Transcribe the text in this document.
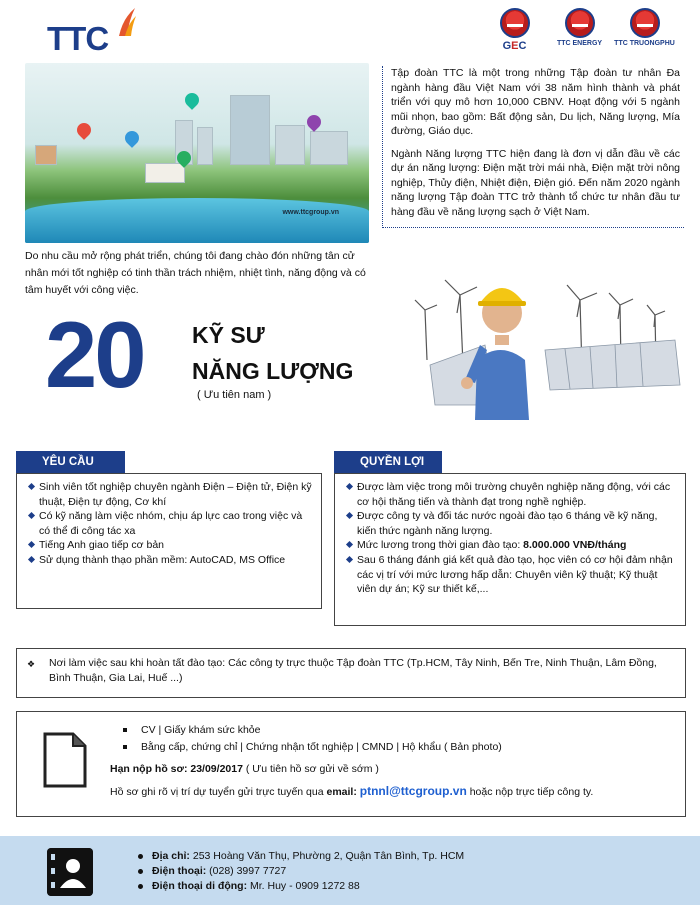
TTC	GΕC	TTC ENERGY TTC TRUONGPHU
www.ttcgroup.vn

Tập đoàn TTC là một trong những Tập đoàn tư nhân Đa ngành hàng đầu Việt Nam với 38 năm hình thành và phát triển với quy mô hơn 10,000 CBNV. Hoạt động với 5 ngành mũi nhọn, bao gồm: Bất động sản, Du lịch, Năng lượng, Mía đường, Giáo dục.

Ngành Năng lượng TTC hiện đang là đơn vị dẫn đầu về các dự án năng lượng: Điện mặt trời mái nhà, Điện mặt trời nông nghiệp, Thủy điện, Nhiệt điện, Điện gió. Đến năm 2020 ngành năng lượng Tập đoàn TTC trở thành tổ chức tư nhân đầu tư hàng đầu về năng lượng sạch ở Việt Nam.

Do nhu cầu mở rộng phát triển, chúng tôi đang chào đón những tân cử nhân mới tốt nghiệp có tinh thần trách nhiệm, nhiệt tình, năng động và có tâm huyết với công việc.
20 KỸ SƯ
NĂNG LƯỢNG
( Ưu tiên nam )
YÊU CẦU
Sinh viên tốt nghiệp chuyên ngành Điện – Điện tử, Điện kỹ thuật, Điện tự động, Cơ khí
Có kỹ năng làm việc nhóm, chịu áp lực cao trong việc và có thể đi công tác xa
Tiếng Anh giao tiếp cơ bản
Sử dụng thành thạo phần mềm: AutoCAD, MS Office
QUYỀN LỢI
Được làm việc trong môi trường chuyên nghiệp năng động, với các cơ hội thăng tiến và thành đạt trong nghề nghiệp.
Được công ty và đối tác nước ngoài đào tạo 6 tháng về kỹ năng, kiến thức ngành năng lượng.
Mức lương trong thời gian đào tạo: 8.000.000 VNĐ/tháng
Sau 6 tháng đánh giá kết quả đào tạo, học viên có cơ hội đảm nhận các vị trí với mức lương hấp dẫn: Chuyên viên kỹ thuật; Kỹ thuật viên dự án; Kỹ sư thiết kế,...
❖ Nơi làm việc sau khi hoàn tất đào tạo: Các công ty trực thuộc Tập đoàn TTC (Tp.HCM, Tây Ninh, Bến Tre, Ninh Thuận, Lâm Đồng, Bình Thuận, Gia Lai, Huế ...)
CV | Giấy khám sức khỏe
Bằng cấp, chứng chỉ | Chứng nhận tốt nghiệp | CMND | Hộ khẩu ( Bản photo)
Hạn nộp hồ sơ: 23/09/2017 ( Ưu tiên hồ sơ gửi về sớm )
Hồ sơ ghi rõ vị trí dự tuyển gửi trực tuyến qua email: ptnnl@ttcgroup.vn hoặc nộp trực tiếp công ty.
Địa chỉ: 253 Hoàng Văn Thụ, Phường 2, Quận Tân Bình, Tp. HCM
Điện thoại: (028) 3997 7727
Điện thoại di động: Mr. Huy - 0909 1272 88
